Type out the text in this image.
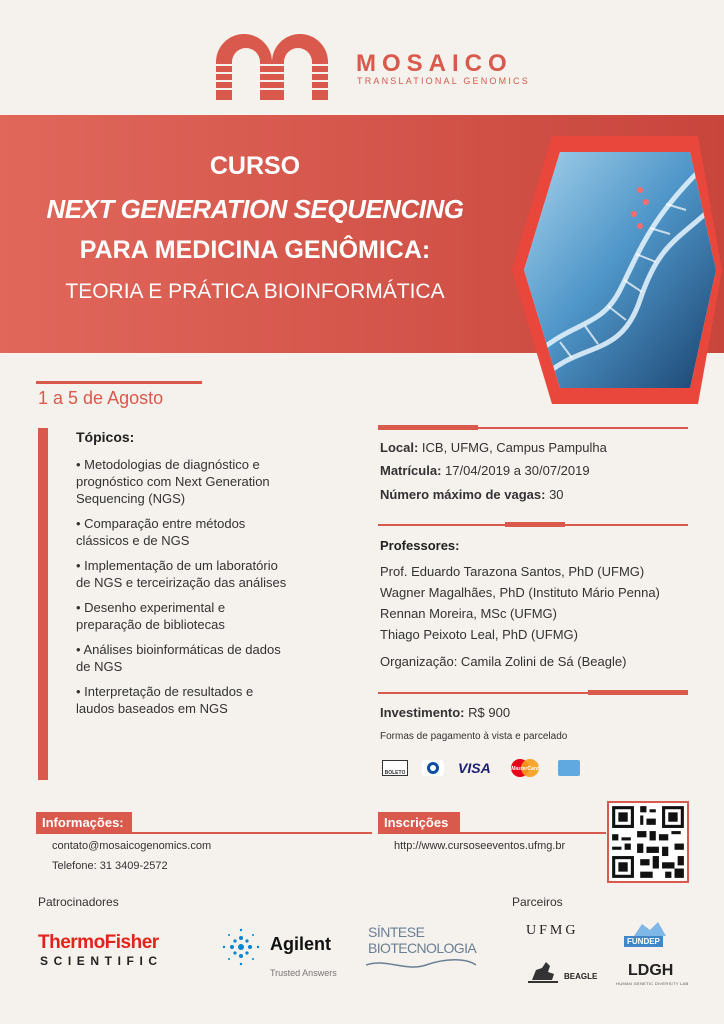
MOSAICO
TRANSLATIONAL GENOMICS
CURSO
NEXT GENERATION SEQUENCING
PARA MEDICINA GENÔMICA:
TEORIA E PRÁTICA BIOINFORMÁTICA
1 a 5 de Agosto
Tópicos:
• Metodologias de diagnóstico e
prognóstico com Next Generation
Sequencing (NGS)
• Comparação entre métodos
clássicos e de NGS
• Implementação de um laboratório
de NGS e terceirização das análises
• Desenho experimental e
preparação de bibliotecas
• Análises bioinformáticas de dados
de NGS
• Interpretação de resultados e
laudos baseados em NGS
Local: ICB, UFMG, Campus Pampulha
Matrícula: 17/04/2019 a 30/07/2019
Número máximo de vagas: 30
Professores:
Prof. Eduardo Tarazona Santos, PhD (UFMG)
Wagner Magalhães, PhD (Instituto Mário Penna)
Rennan Moreira, MSc (UFMG)
Thiago Peixoto Leal, PhD (UFMG)
Organização: Camila Zolini de Sá (Beagle)
Investimento: R$ 900
Formas de pagamento à vista e parcelado
BOLETO	VISA	MasterCard
Informações:
contato@mosaicogenomics.com
Telefone: 31 3409-2572
Inscrições
http://www.cursoseeventos.ufmg.br
Patrocinadores
ThermoFisher
SCIENTIFIC
Agilent
Trusted Answers
SÍNTESE
BIOTECNOLOGIA
Parceiros
UFMG
FUNDEP
BEAGLE LDGH
HUMAN GENETIC DIVERSITY LAB
